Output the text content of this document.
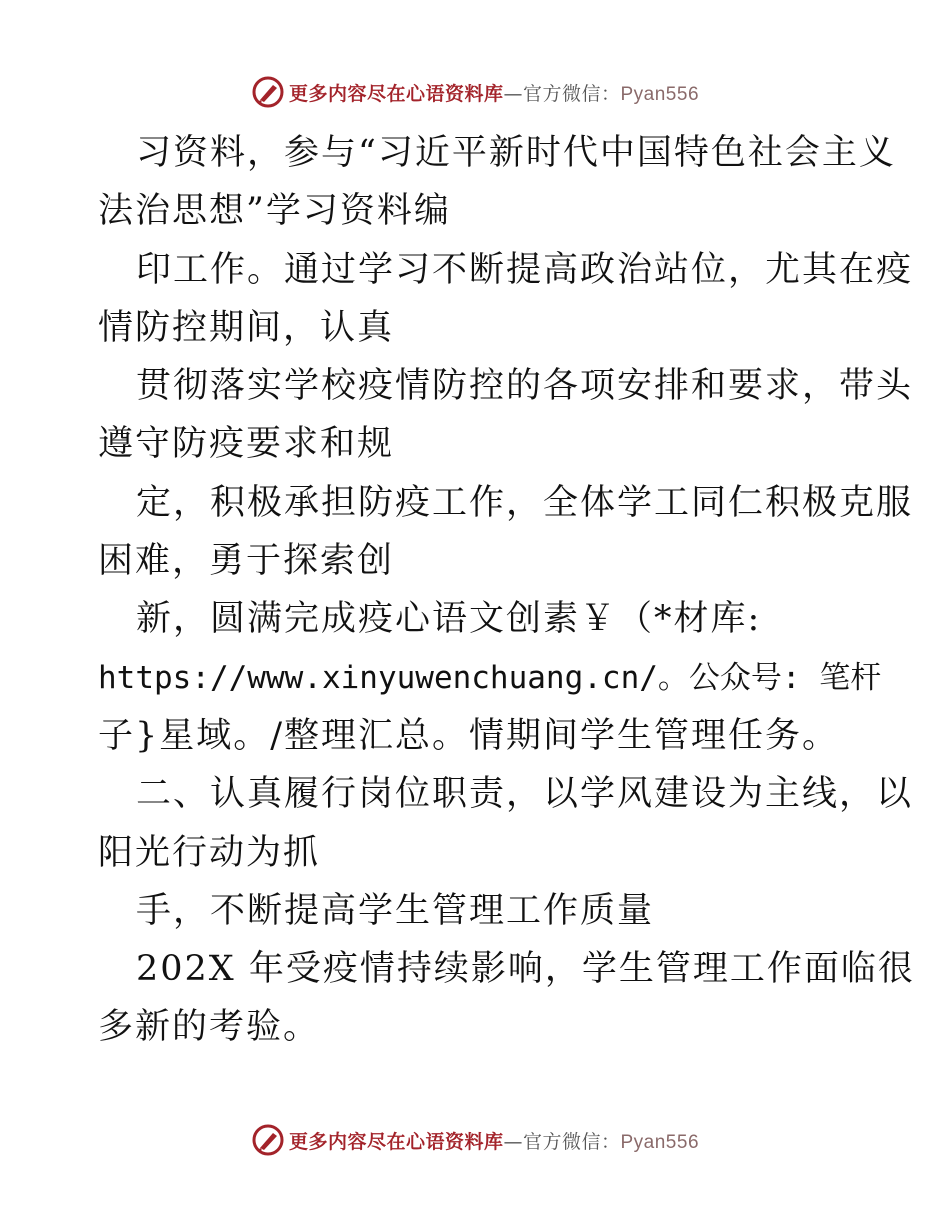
更多内容尽在心语资料库—官方微信：Pyan556
习资料，参与“习近平新时代中国特色社会主义
法治思想”学习资料编
印工作。通过学习不断提高政治站位，尤其在疫
情防控期间，认真
贯彻落实学校疫情防控的各项安排和要求，带头
遵守防疫要求和规
定，积极承担防疫工作，全体学工同仁积极克服
困难，勇于探索创
新，圆满完成疫心语文创素￥（*材库:
https://www.xinyuwenchuang.cn/。公众号: 笔杆
子}星域。/整理汇总。情期间学生管理任务。
二、认真履行岗位职责，以学风建设为主线，以
阳光行动为抓
手，不断提高学生管理工作质量
202X 年受疫情持续影响，学生管理工作面临很
多新的考验。
更多内容尽在心语资料库—官方微信：Pyan556
